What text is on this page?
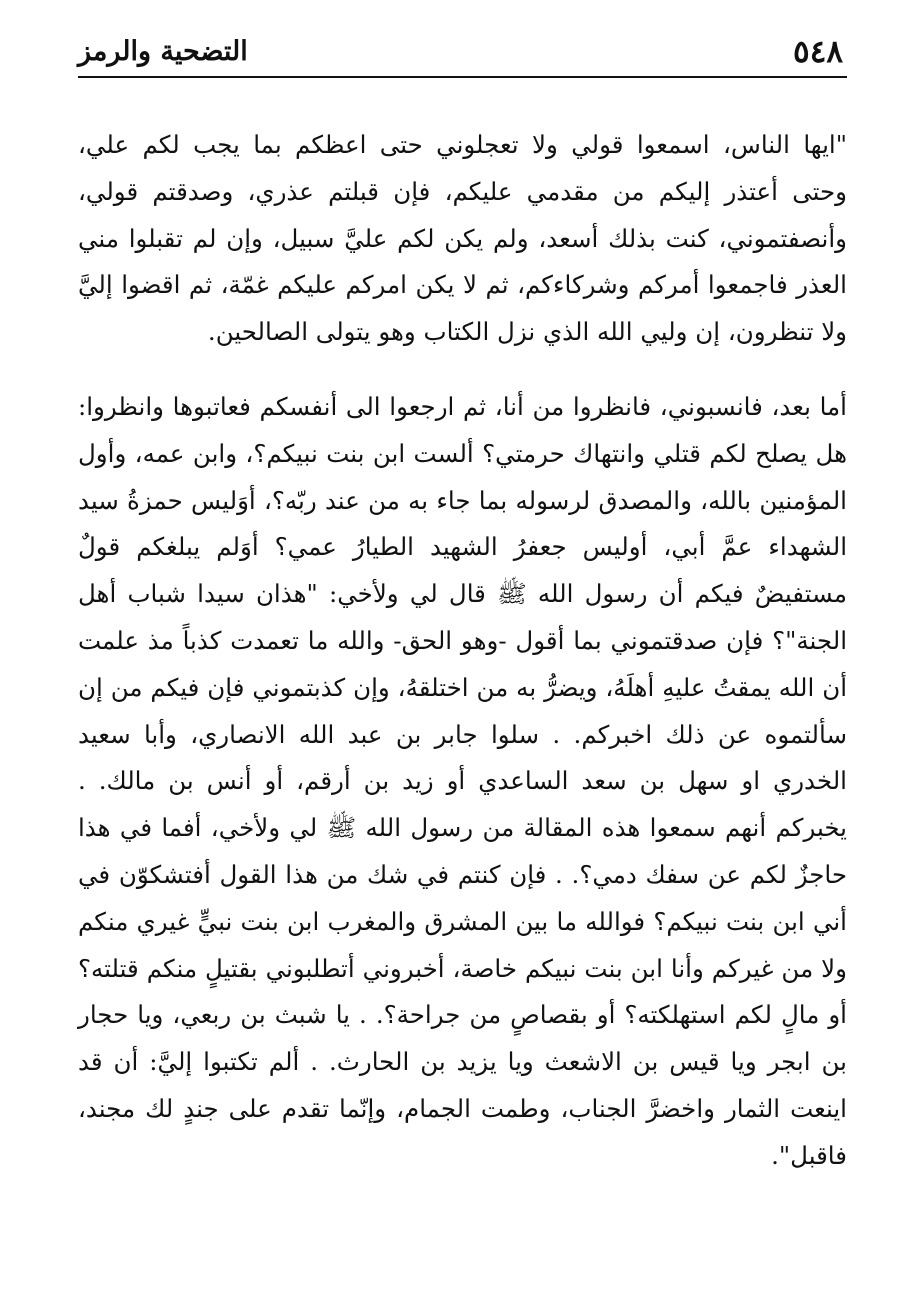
٥٤٨
التضحية والرمز

"ايها الناس، اسمعوا قولي ولا تعجلوني حتى اعظكم بما يجب لكم علي، وحتى أعتذر إليكم من مقدمي عليكم، فإن قبلتم عذري، وصدقتم قولي، وأنصفتموني، كنت بذلك أسعد، ولم يكن لكم عليَّ سبيل، وإن لم تقبلوا مني العذر فاجمعوا أمركم وشركاءكم، ثم لا يكن امركم عليكم غمّة، ثم اقضوا إليَّ ولا تنظرون، إن وليي الله الذي نزل الكتاب وهو يتولى الصالحين.

أما بعد، فانسبوني، فانظروا من أنا، ثم ارجعوا الى أنفسكم فعاتبوها وانظروا: هل يصلح لكم قتلي وانتهاك حرمتي؟ ألست ابن بنت نبيكم؟، وابن عمه، وأول المؤمنين بالله، والمصدق لرسوله بما جاء به من عند ربّه؟، أوَليس حمزةُ سيد الشهداء عمَّ أبي، أوليس جعفرُ الشهيد الطيارُ عمي؟ أوَلم يبلغكم قولٌ مستفيضٌ فيكم أن رسول الله ﷺ قال لي ولأخي: "هذان سيدا شباب أهل الجنة"؟ فإن صدقتموني بما أقول -وهو الحق- والله ما تعمدت كذباً مذ علمت أن الله يمقتُ عليهِ أهلَهُ، ويضرُّ به من اختلقهُ، وإن كذبتموني فإن فيكم من إن سألتموه عن ذلك اخبركم. . سلوا جابر بن عبد الله الانصاري، وأبا سعيد الخدري او سهل بن سعد الساعدي أو زيد بن أرقم، أو أنس بن مالك. . يخبركم أنهم سمعوا هذه المقالة من رسول الله ﷺ لي ولأخي، أفما في هذا حاجزٌ لكم عن سفك دمي؟. . فإن كنتم في شك من هذا القول أفتشكوّن في أني ابن بنت نبيكم؟ فوالله ما بين المشرق والمغرب ابن بنت نبيٍّ غيري منكم ولا من غيركم وأنا ابن بنت نبيكم خاصة، أخبروني أتطلبوني بقتيلٍ منكم قتلته؟ أو مالٍ لكم استهلكته؟ أو بقصاصٍ من جراحة؟. . يا شبث بن ربعي، ويا حجار بن ابجر ويا قيس بن الاشعث ويا يزيد بن الحارث. . ألم تكتبوا إليَّ: أن قد اينعت الثمار واخضرَّ الجناب، وطمت الجمام، وإنّما تقدم على جندٍ لك مجند، فاقبل".
